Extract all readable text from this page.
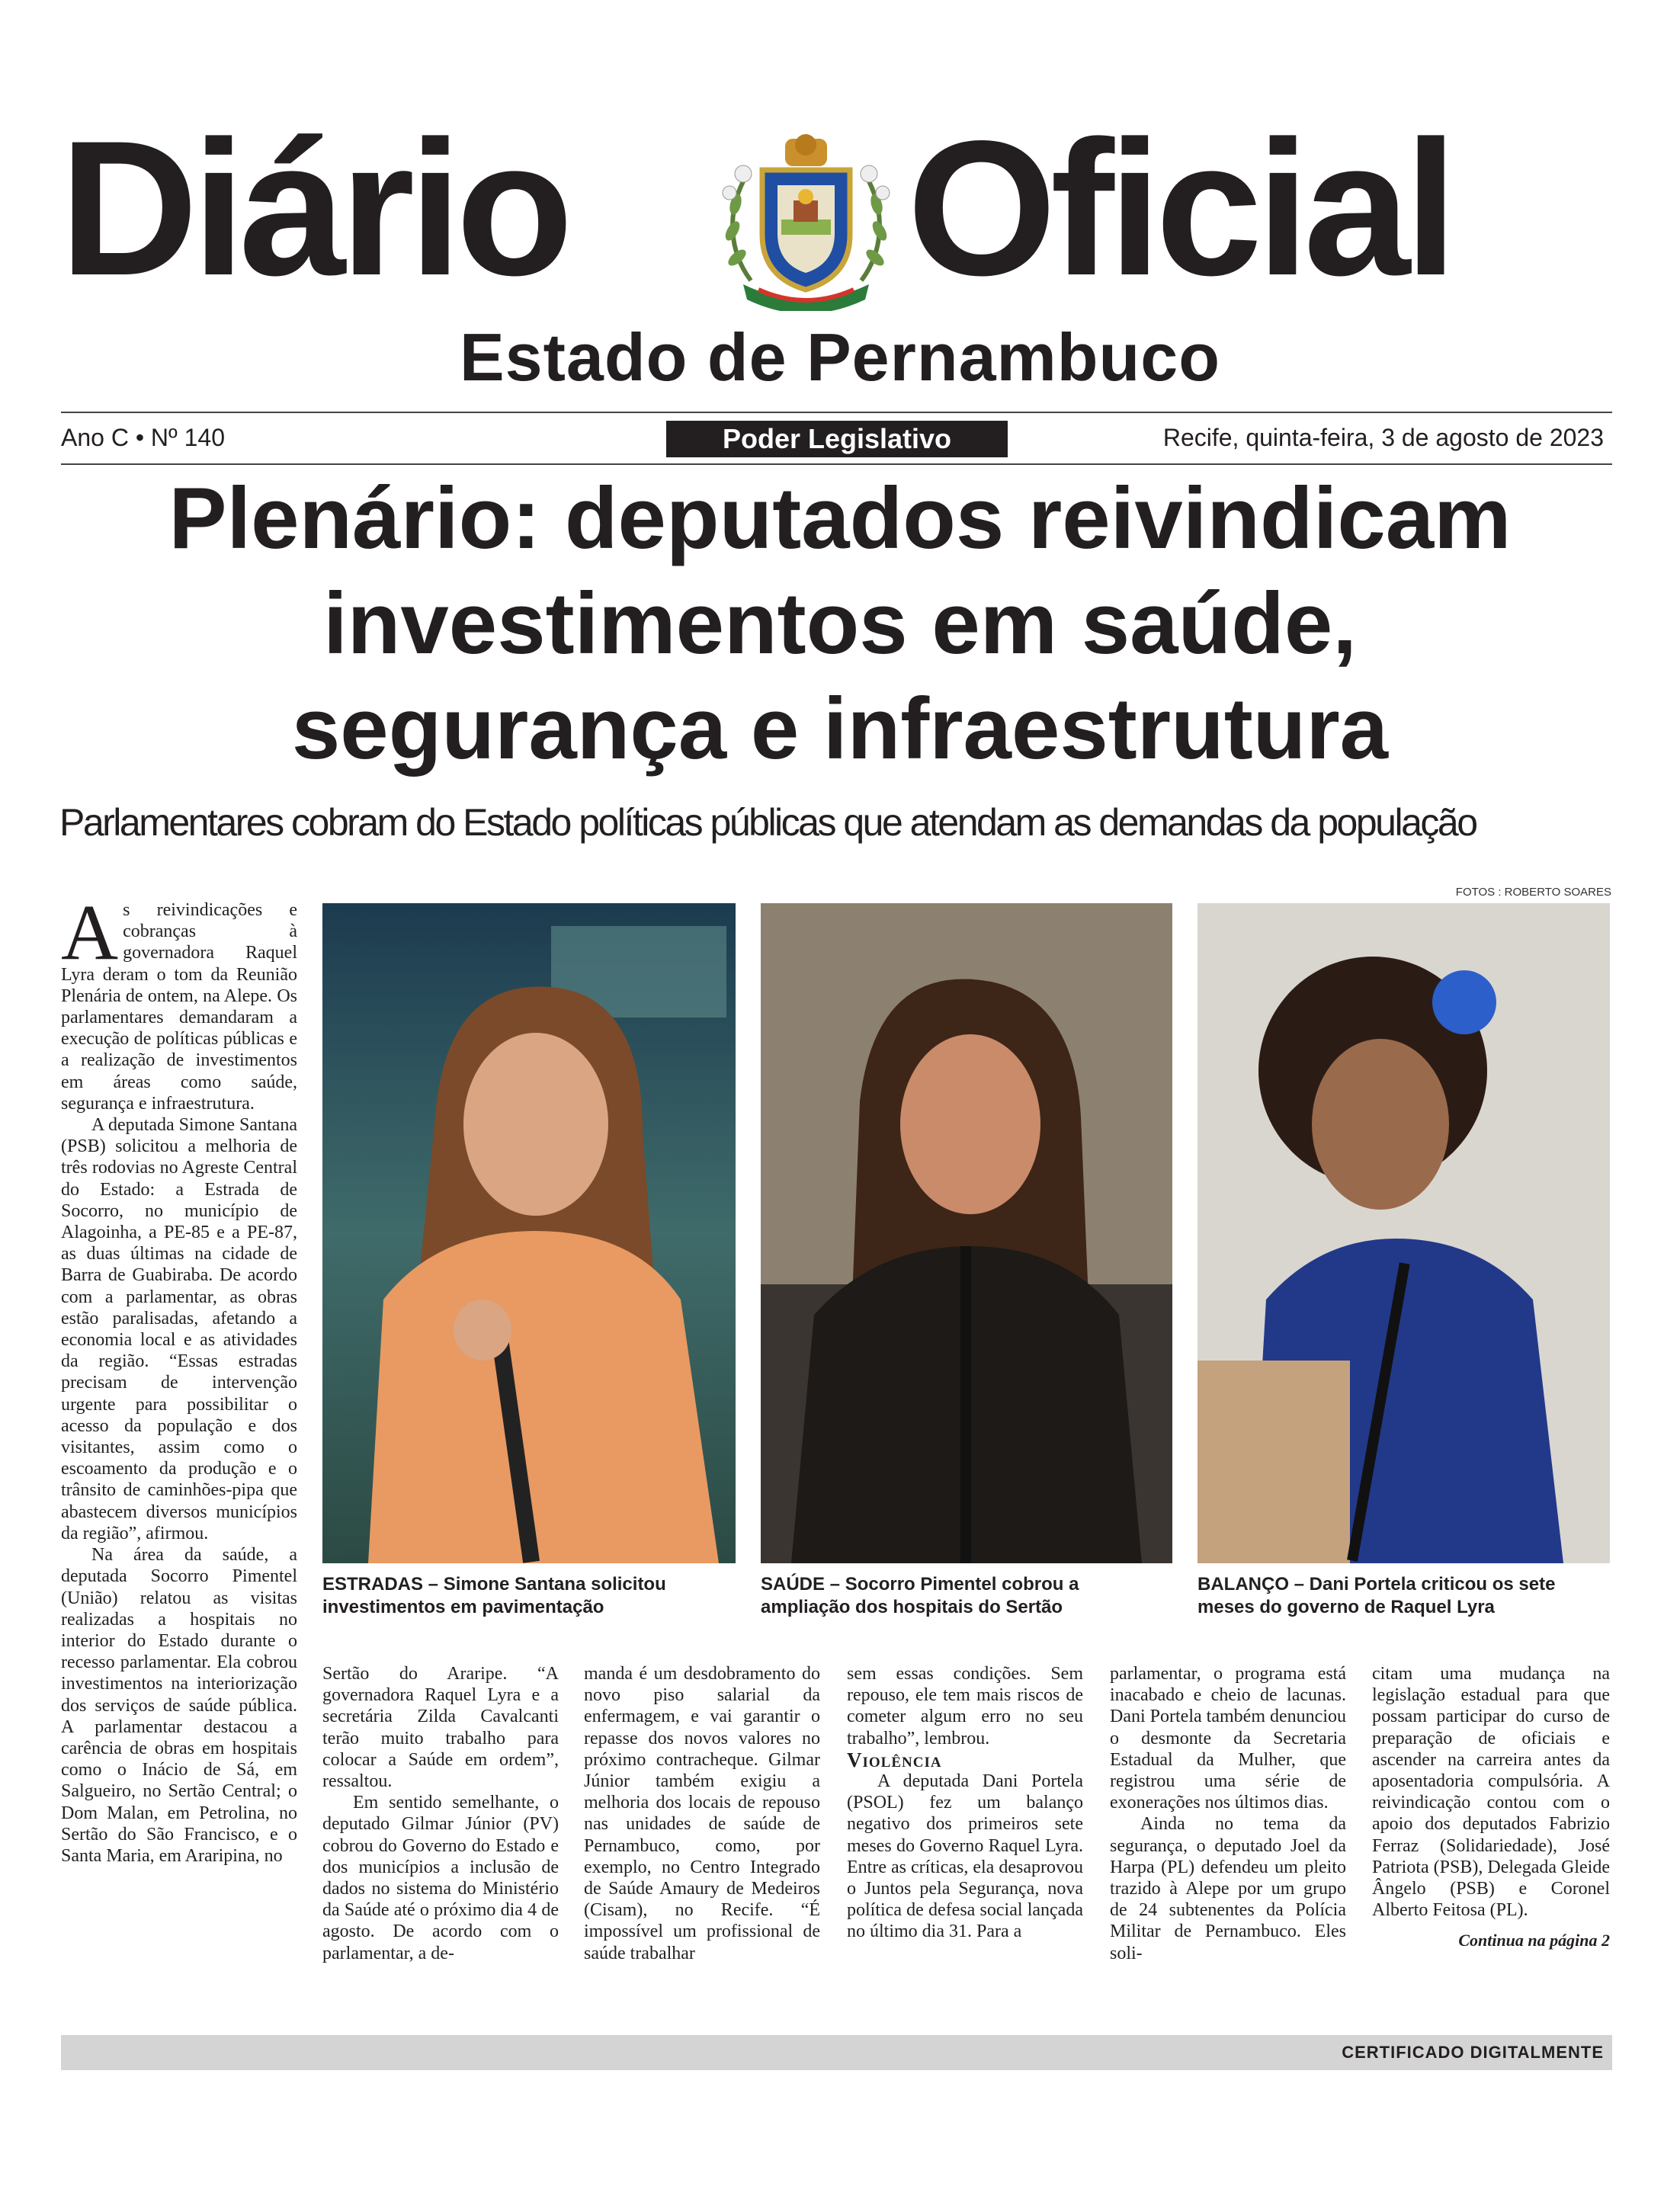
Diário Oficial
Estado de Pernambuco
Ano C • Nº 140	Poder Legislativo	Recife, quinta-feira, 3 de agosto de 2023
Plenário: deputados reivindicam
investimentos em saúde,
segurança e infraestrutura
Parlamentares cobram do Estado políticas públicas que atendam as demandas da população
FOTOS : ROBERTO SOARES
ESTRADAS – Simone Santana solicitou investimentos em pavimentação
SAÚDE – Socorro Pimentel cobrou a ampliação dos hospitais do Sertão
BALANÇO – Dani Portela criticou os sete meses do governo de Raquel Lyra

As reivindicações e cobranças à governadora Raquel Lyra deram o tom da Reunião Plenária de ontem, na Alepe. Os parlamentares demandaram a execução de políticas públicas e a realização de investimentos em áreas como saúde, segurança e infraestrutura.

A deputada Simone Santana (PSB) solicitou a melhoria de três rodovias no Agreste Central do Estado: a Estrada de Socorro, no município de Alagoinha, a PE-85 e a PE-87, as duas últimas na cidade de Barra de Guabiraba. De acordo com a parlamentar, as obras estão paralisadas, afetando a economia local e as atividades da região. “Essas estradas precisam de intervenção urgente para possibilitar o acesso da população e dos visitantes, assim como o escoamento da produção e o trânsito de caminhões-pipa que abastecem diversos municípios da região”, afirmou.

Na área da saúde, a deputada Socorro Pimentel (União) relatou as visitas realizadas a hospitais no interior do Estado durante o recesso parlamentar. Ela cobrou investimentos na interiorização dos serviços de saúde pública. A parlamentar destacou a carência de obras em hospitais como o Inácio de Sá, em Salgueiro, no Sertão Central; o Dom Malan, em Petrolina, no Sertão do São Francisco, e o Santa Maria, em Araripina, no

Sertão do Araripe. “A governadora Raquel Lyra e a secretária Zilda Cavalcanti terão muito trabalho para colocar a Saúde em ordem”, ressaltou.

Em sentido semelhante, o deputado Gilmar Júnior (PV) cobrou do Governo do Estado e dos municípios a inclusão de dados no sistema do Ministério da Saúde até o próximo dia 4 de agosto. De acordo com o parlamentar, a de-

manda é um desdobramento do novo piso salarial da enfermagem, e vai garantir o repasse dos novos valores no próximo contracheque. Gilmar Júnior também exigiu a melhoria dos locais de repouso nas unidades de saúde de Pernambuco, como, por exemplo, no Centro Integrado de Saúde Amaury de Medeiros (Cisam), no Recife. “É impossível um profissional de saúde trabalhar

sem essas condições. Sem repouso, ele tem mais riscos de cometer algum erro no seu trabalho”, lembrou.

Violência

A deputada Dani Portela (PSOL) fez um balanço negativo dos primeiros sete meses do Governo Raquel Lyra. Entre as críticas, ela desaprovou o Juntos pela Segurança, nova política de defesa social lançada no último dia 31. Para a

parlamentar, o programa está inacabado e cheio de lacunas. Dani Portela também denunciou o desmonte da Secretaria Estadual da Mulher, que registrou uma série de exonerações nos últimos dias.

Ainda no tema da segurança, o deputado Joel da Harpa (PL) defendeu um pleito trazido à Alepe por um grupo de 24 subtenentes da Polícia Militar de Pernambuco. Eles soli-

citam uma mudança na legislação estadual para que possam participar do curso de preparação de oficiais e ascender na carreira antes da aposentadoria compulsória. A reivindicação contou com o apoio dos deputados Fabrizio Ferraz (Solidariedade), José Patriota (PSB), Delegada Gleide Ângelo (PSB) e Coronel Alberto Feitosa (PL).

Continua na página 2

CERTIFICADO DIGITALMENTE
